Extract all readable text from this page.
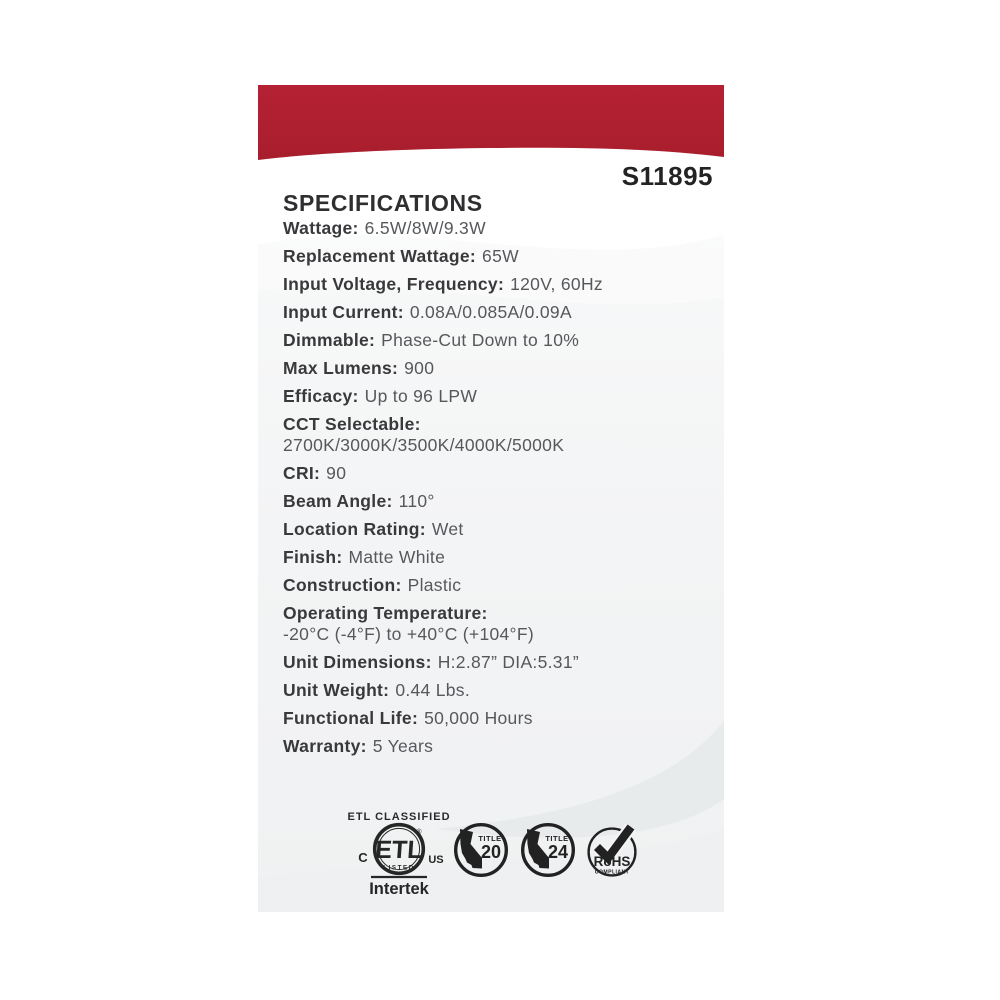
S11895
SPECIFICATIONS
Wattage: 6.5W/8W/9.3W
Replacement Wattage: 65W
Input Voltage, Frequency: 120V, 60Hz
Input Current: 0.08A/0.085A/0.09A
Dimmable: Phase-Cut Down to 10%
Max Lumens: 900
Efficacy: Up to 96 LPW
CCT Selectable:
2700K/3000K/3500K/4000K/5000K
CRI: 90
Beam Angle: 110°
Location Rating: Wet
Finish: Matte White
Construction: Plastic
Operating Temperature:
-20°C (-4°F) to +40°C (+104°F)
Unit Dimensions: H:2.87” DIA:5.31”
Unit Weight: 0.44 Lbs.
Functional Life: 50,000 Hours
Warranty: 5 Years
ETL CLASSIFIED
ETL
®
LISTED
C	US
Intertek
TITLE
20
TITLE
24 RoHS
COMPLIANT
